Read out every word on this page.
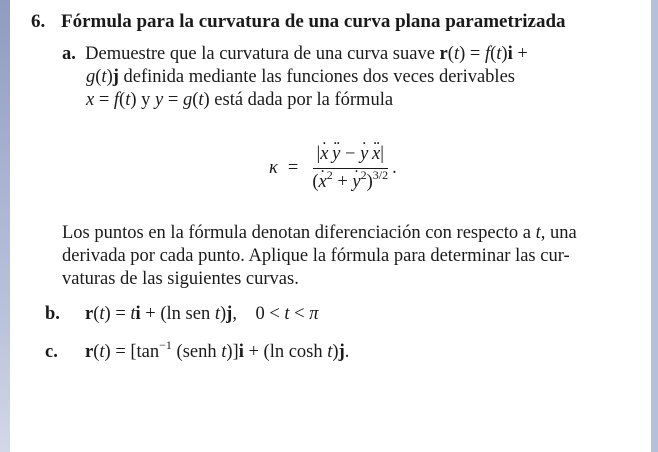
6. Fórmula para la curvatura de una curva plana parametrizada
a.  Demuestre que la curvatura de una curva suave r(t) = f(t)i +
g(t)j definida mediante las funciones dos veces derivables
x = f(t) y y = g(t) está dada por la fórmula
$\kappa = \frac{|. x .. y - . y .. x|}{(. x^2 + . y^2)^{3/2}}$ .
Los puntos en la fórmula denotan diferenciación con respecto a t, una
derivada por cada punto. Aplique la fórmula para determinar las cur-
vaturas de las siguientes curvas.
b. r(t) = ti + (ln sen t)j,    0 < t < π
c. $r(t) = [\tan^{-1}$ (senh t)]i + (ln cosh t)j.
